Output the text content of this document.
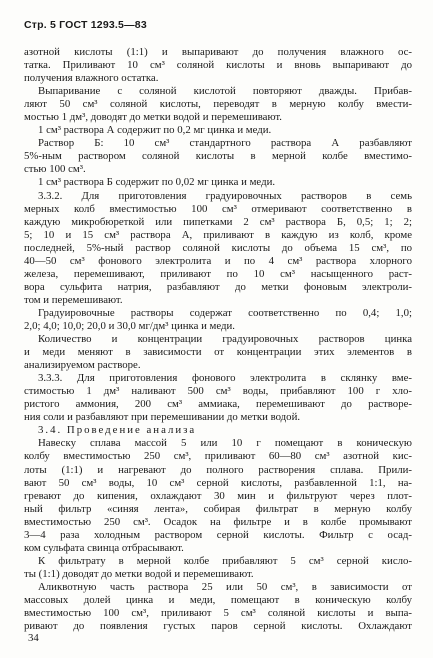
Стр. 5 ГОСТ 1293.5—83
азотной кислоты (1:1) и выпаривают до получения влажного ос-
татка. Приливают 10 см³ соляной кислоты и вновь выпаривают до
получения влажного остатка.
Выпаривание с соляной кислотой повторяют дважды. Прибав-
ляют 50 см³ соляной кислоты, переводят в мерную колбу вмести-
мостью 1 дм³, доводят до метки водой и перемешивают.
1 см³ раствора А содержит по 0,2 мг цинка и меди.
Раствор Б: 10 см³ стандартного раствора А разбавляют
5%-ным раствором соляной кислоты в мерной колбе вместимо-
стью 100 см³.
1 см³ раствора Б содержит по 0,02 мг цинка и меди.
3.3.2. Для приготовления градуировочных растворов в семь
мерных колб вместимостью 100 см³ отмеривают соответственно в
каждую микробюреткой или пипетками 2 см³ раствора Б, 0,5; 1; 2;
5; 10 и 15 см³ раствора А, приливают в каждую из колб, кроме
последней, 5%-ный раствор соляной кислоты до объема 15 см³, по
40—50 см³ фонового электролита и по 4 см³ раствора хлорного
железа, перемешивают, приливают по 10 см³ насыщенного раст-
вора сульфита натрия, разбавляют до метки фоновым электроли-
том и перемешивают.
Градуировочные растворы содержат соответственно по 0,4; 1,0;
2,0; 4,0; 10,0; 20,0 и 30,0 мг/дм³ цинка и меди.
Количество и концентрации градуировочных растворов цинка
и меди меняют в зависимости от концентрации этих элементов в
анализируемом растворе.
3.3.3. Для приготовления фонового электролита в склянку вме-
стимостью 1 дм³ наливают 500 см³ воды, прибавляют 100 г хло-
ристого аммония, 200 см³ аммиака, перемешивают до растворе-
ния соли и разбавляют при перемешивании до метки водой.
3.4. Проведение анализа
Навеску сплава массой 5 или 10 г помещают в коническую
колбу вместимостью 250 см³, приливают 60—80 см³ азотной кис-
лоты (1:1) и нагревают до полного растворения сплава. Прили-
вают 50 см³ воды, 10 см³ серной кислоты, разбавленной 1:1, на-
гревают до кипения, охлаждают 30 мин и фильтруют через плот-
ный фильтр «синяя лента», собирая фильтрат в мерную колбу
вместимостью 250 см³. Осадок на фильтре и в колбе промывают
3—4 раза холодным раствором серной кислоты. Фильтр с осад-
ком сульфата свинца отбрасывают.
К фильтрату в мерной колбе прибавляют 5 см³ серной кисло-
ты (1:1) доводят до метки водой и перемешивают.
Аликвотную часть раствора 25 или 50 см³, в зависимости от
массовых долей цинка и меди, помещают в коническую колбу
вместимостью 100 см³, приливают 5 см³ соляной кислоты и выпа-
ривают до появления густых паров серной кислоты. Охлаждают
34
